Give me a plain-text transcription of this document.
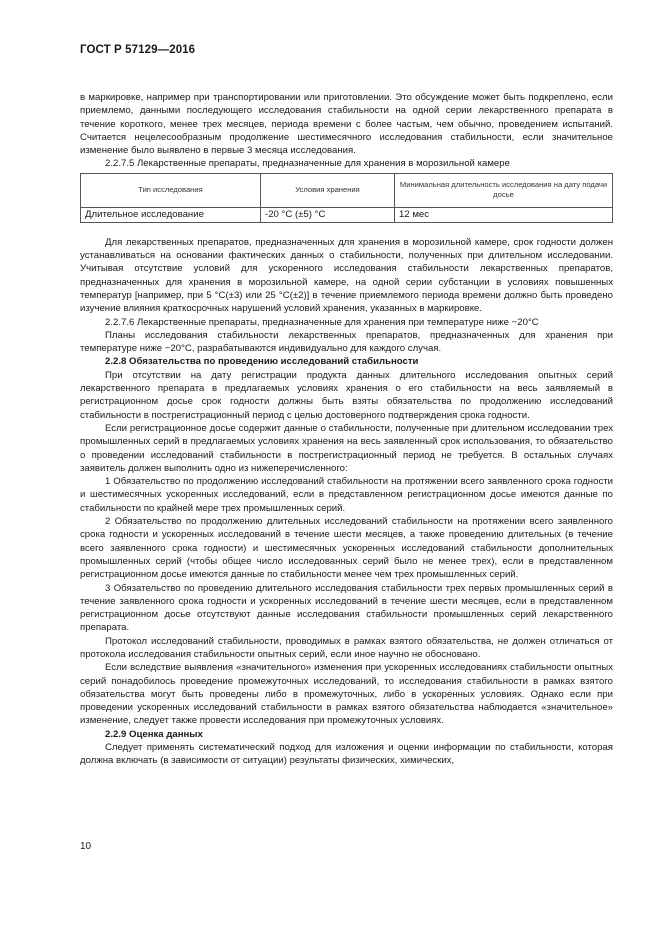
ГОСТ Р 57129—2016

в маркировке, например при транспортировании или приготовлении. Это обсуждение может быть подкреплено, если приемлемо, данными последующего исследования стабильности на одной серии лекарственного препарата в течение короткого, менее трех месяцев, периода времени с более частым, чем обычно, проведением испытаний. Считается нецелесообразным продолжение шестимесячного исследования стабильности, если значительное изменение было выявлено в первые 3 месяца исследования.

2.2.7.5 Лекарственные препараты, предназначенные для хранения в морозильной камере

Тип исследования	Условия хранения	Минимальная длительность исследования на дату подачи досье
Длительное исследование	-20 °С (±5) °С	12 мес

Для лекарственных препаратов, предназначенных для хранения в морозильной камере, срок годности должен устанавливаться на основании фактических данных о стабильности, полученных при длительном исследовании. Учитывая отсутствие условий для ускоренного исследования стабильности лекарственных препаратов, предназначенных для хранения в морозильной камере, на одной серии субстанции в условиях повышенных температур [например, при 5 °С(±3) или 25 °С(±2)] в течение приемлемого периода времени должно быть проведено изучение влияния краткосрочных нарушений условий хранения, указанных в маркировке.

2.2.7.6 Лекарственные препараты, предназначенные для хранения при температуре ниже −20°С

Планы исследования стабильности лекарственных препаратов, предназначенных для хранения при температуре ниже −20°С, разрабатываются индивидуально для каждого случая.

2.2.8 Обязательства по проведению исследований стабильности

При отсутствии на дату регистрации продукта данных длительного исследования опытных серий лекарственного препарата в предлагаемых условиях хранения о его стабильности на весь заявляемый в регистрационном досье срок годности должны быть взяты обязательства по продолжению исследований стабильности в пострегистрационный период с целью достоверного подтверждения срока годности.

Если регистрационное досье содержит данные о стабильности, полученные при длительном исследовании трех промышленных серий в предлагаемых условиях хранения на весь заявленный срок использования, то обязательство о проведении исследований стабильности в пострегистрационный период не требуется. В остальных случаях заявитель должен выполнить одно из нижеперечисленного:

1 Обязательство по продолжению исследований стабильности на протяжении всего заявленного срока годности и шестимесячных ускоренных исследований, если в представленном регистрационном досье имеются данные по стабильности по крайней мере трех промышленных серий.

2 Обязательство по продолжению длительных исследований стабильности на протяжении всего заявленного срока годности и ускоренных исследований в течение шести месяцев, а также проведению длительных (в течение всего заявленного срока годности) и шестимесячных ускоренных исследований стабильности дополнительных промышленных серий (чтобы общее число исследованных серий было не менее трех), если в представленном регистрационном досье имеются данные по стабильности менее чем трех промышленных серий.

3 Обязательство по проведению длительного исследования стабильности трех первых промышленных серий в течение заявленного срока годности и ускоренных исследований в течение шести месяцев, если в представленном регистрационном досье отсутствуют данные исследования стабильности промышленных серий лекарственного препарата.

Протокол исследований стабильности, проводимых в рамках взятого обязательства, не должен отличаться от протокола исследования стабильности опытных серий, если иное научно не обосновано.

Если вследствие выявления «значительного» изменения при ускоренных исследованиях стабильности опытных серий понадобилось проведение промежуточных исследований, то исследования стабильности в рамках взятого обязательства могут быть проведены либо в промежуточных, либо в ускоренных условиях. Однако если при проведении ускоренных исследований стабильности в рамках взятого обязательства наблюдается «значительное» изменение, следует также провести исследования при промежуточных условиях.

2.2.9 Оценка данных

Следует применять систематический подход для изложения и оценки информации по стабильности, которая должна включать (в зависимости от ситуации) результаты физических, химических,

10
